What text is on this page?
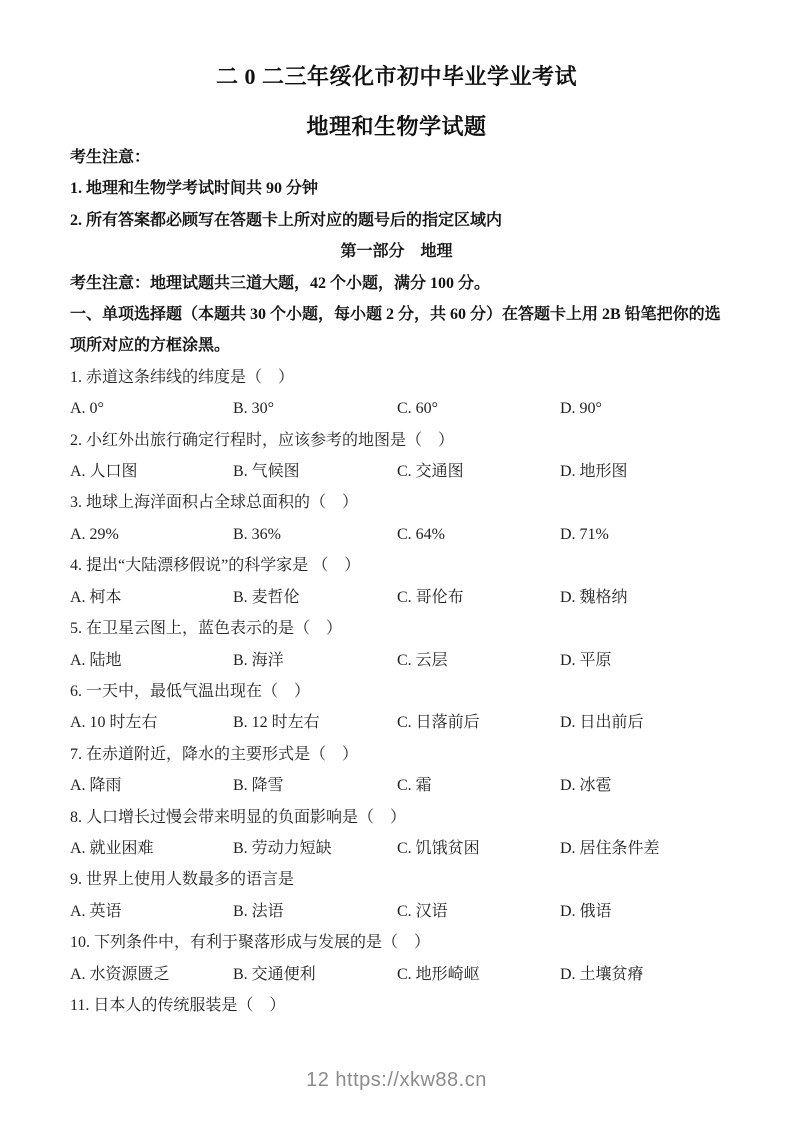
二 0 二三年绥化市初中毕业学业考试
地理和生物学试题

考生注意：

1. 地理和生物学考试时间共 90 分钟

2. 所有答案都必顾写在答题卡上所对应的题号后的指定区域内

第一部分　地理

考生注意：地理试题共三道大题，42 个小题，满分 100 分。

一、单项选择题（本题共 30 个小题，每小题 2 分，共 60 分）在答题卡上用 2B 铅笔把你的选

项所对应的方框涂黑。

1. 赤道这条纬线的纬度是（　）

A. 0°	B. 30°	C. 60°	D. 90°

2. 小红外出旅行确定行程时，应该参考的地图是（　）

A. 人口图	B. 气候图	C. 交通图	D. 地形图

3. 地球上海洋面积占全球总面积的（　）

A. 29%	B. 36%	C. 64%	D. 71%

4. 提出“大陆漂移假说”的科学家是 （　）

A. 柯本	B. 麦哲伦	C. 哥伦布	D. 魏格纳

5. 在卫星云图上，蓝色表示的是（　）

A. 陆地	B. 海洋	C. 云层	D. 平原

6. 一天中，最低气温出现在（　）

A. 10 时左右	B. 12 时左右	C. 日落前后	D. 日出前后

7. 在赤道附近，降水的主要形式是（　）

A. 降雨	B. 降雪	C. 霜	D. 冰雹

8. 人口增长过慢会带来明显的负面影响是（　）

A. 就业困难	B. 劳动力短缺	C. 饥饿贫困	D. 居住条件差

9. 世界上使用人数最多的语言是

A. 英语	B. 法语	C. 汉语	D. 俄语

10. 下列条件中，有利于聚落形成与发展的是（　）

A. 水资源匮乏	B. 交通便利	C. 地形崎岖	D. 土壤贫瘠

11. 日本人的传统服装是（　）

12 https://xkw88.cn
